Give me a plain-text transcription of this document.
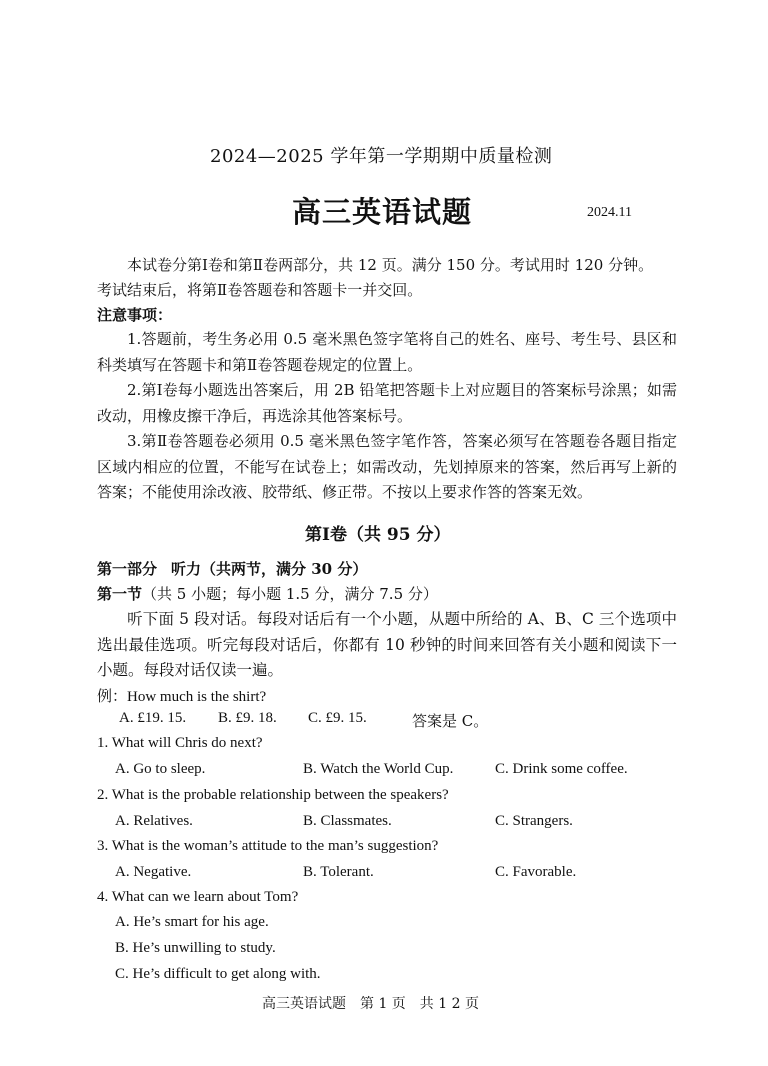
2024—2025 学年第一学期期中质量检测
高三英语试题	2024.11
本试卷分第Ⅰ卷和第Ⅱ卷两部分，共 12 页。满分 150 分。考试用时 120 分钟。
考试结束后，将第Ⅱ卷答题卷和答题卡一并交回。
注意事项：
1.答题前，考生务必用 0.5 毫米黑色签字笔将自己的姓名、座号、考生号、县区和科类填写在答题卡和第Ⅱ卷答题卷规定的位置上。
2.第Ⅰ卷每小题选出答案后，用 2B 铅笔把答题卡上对应题目的答案标号涂黑；如需改动，用橡皮擦干净后，再选涂其他答案标号。
3.第Ⅱ卷答题卷必须用 0.5 毫米黑色签字笔作答，答案必须写在答题卷各题目指定区域内相应的位置，不能写在试卷上；如需改动，先划掉原来的答案，然后再写上新的答案；不能使用涂改液、胶带纸、修正带。不按以上要求作答的答案无效。
第Ⅰ卷（共 95 分）
第一部分 听力（共两节，满分 30 分）
第一节（共 5 小题；每小题 1.5 分，满分 7.5 分）
听下面 5 段对话。每段对话后有一个小题，从题中所给的 A、B、C 三个选项中选出最佳选项。听完每段对话后，你都有 10 秒钟的时间来回答有关小题和阅读下一小题。每段对话仅读一遍。
例：How much is the shirt?
A. £19. 15. B. £9. 18. C. £9. 15.	答案是 C。
1. What will Chris do next?
A. Go to sleep.	B. Watch the World Cup.	C. Drink some coffee.
2. What is the probable relationship between the speakers?
A. Relatives.	B. Classmates.	C. Strangers.
3. What is the woman’s attitude to the man’s suggestion?
A. Negative.	B. Tolerant.	C. Favorable.
4. What can we learn about Tom?
A. He’s smart for his age.
B. He’s unwilling to study.
C. He’s difficult to get along with.
高三英语试题　第 1 页　共 1 2 页
